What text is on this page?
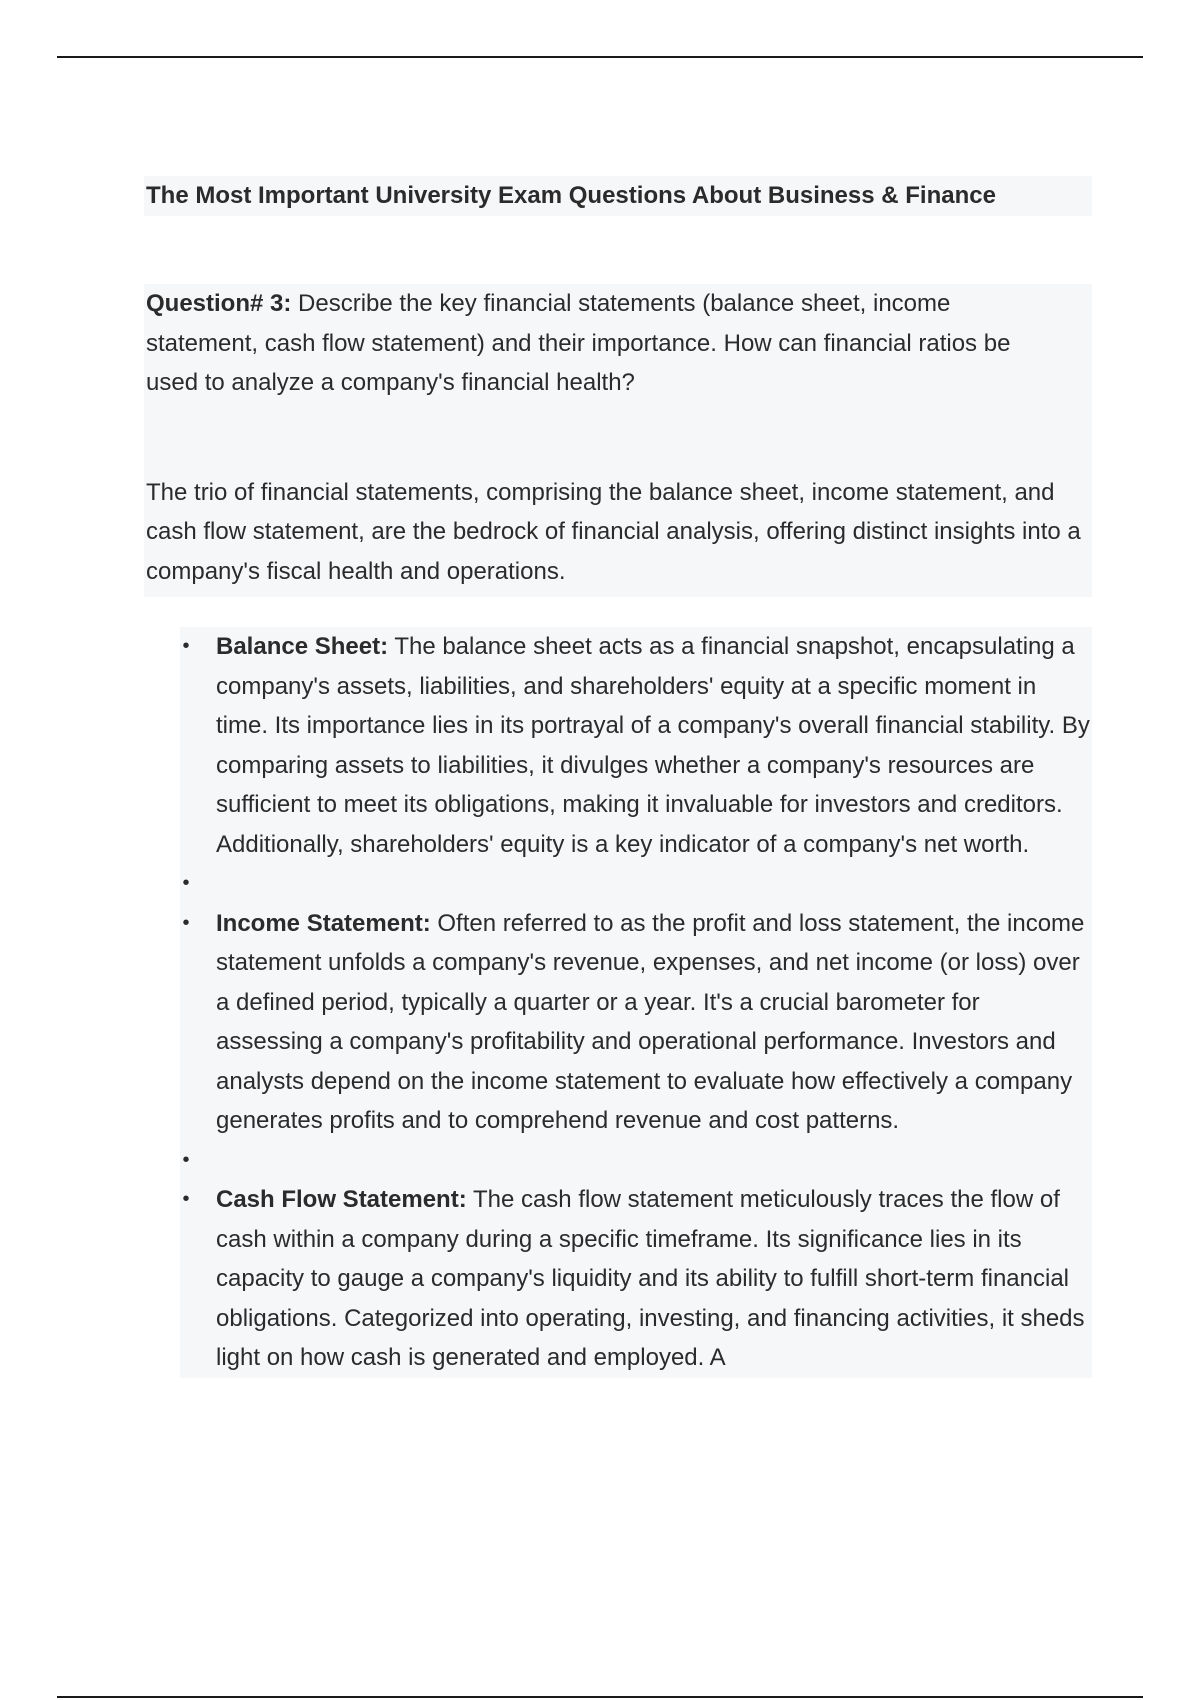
The Most Important University Exam Questions About Business & Finance

Question# 3: Describe the key financial statements (balance sheet, income statement, cash flow statement) and their importance. How can financial ratios be used to analyze a company's financial health?

The trio of financial statements, comprising the balance sheet, income statement, and cash flow statement, are the bedrock of financial analysis, offering distinct insights into a company's fiscal health and operations.

• Balance Sheet: The balance sheet acts as a financial snapshot, encapsulating a company's assets, liabilities, and shareholders' equity at a specific moment in time. Its importance lies in its portrayal of a company's overall financial stability. By comparing assets to liabilities, it divulges whether a company's resources are sufficient to meet its obligations, making it invaluable for investors and creditors. Additionally, shareholders' equity is a key indicator of a company's net worth.
•
• Income Statement: Often referred to as the profit and loss statement, the income statement unfolds a company's revenue, expenses, and net income (or loss) over a defined period, typically a quarter or a year. It's a crucial barometer for assessing a company's profitability and operational performance. Investors and analysts depend on the income statement to evaluate how effectively a company generates profits and to comprehend revenue and cost patterns.
•
• Cash Flow Statement: The cash flow statement meticulously traces the flow of cash within a company during a specific timeframe. Its significance lies in its capacity to gauge a company's liquidity and its ability to fulfill short-term financial obligations. Categorized into operating, investing, and financing activities, it sheds light on how cash is generated and employed. A
